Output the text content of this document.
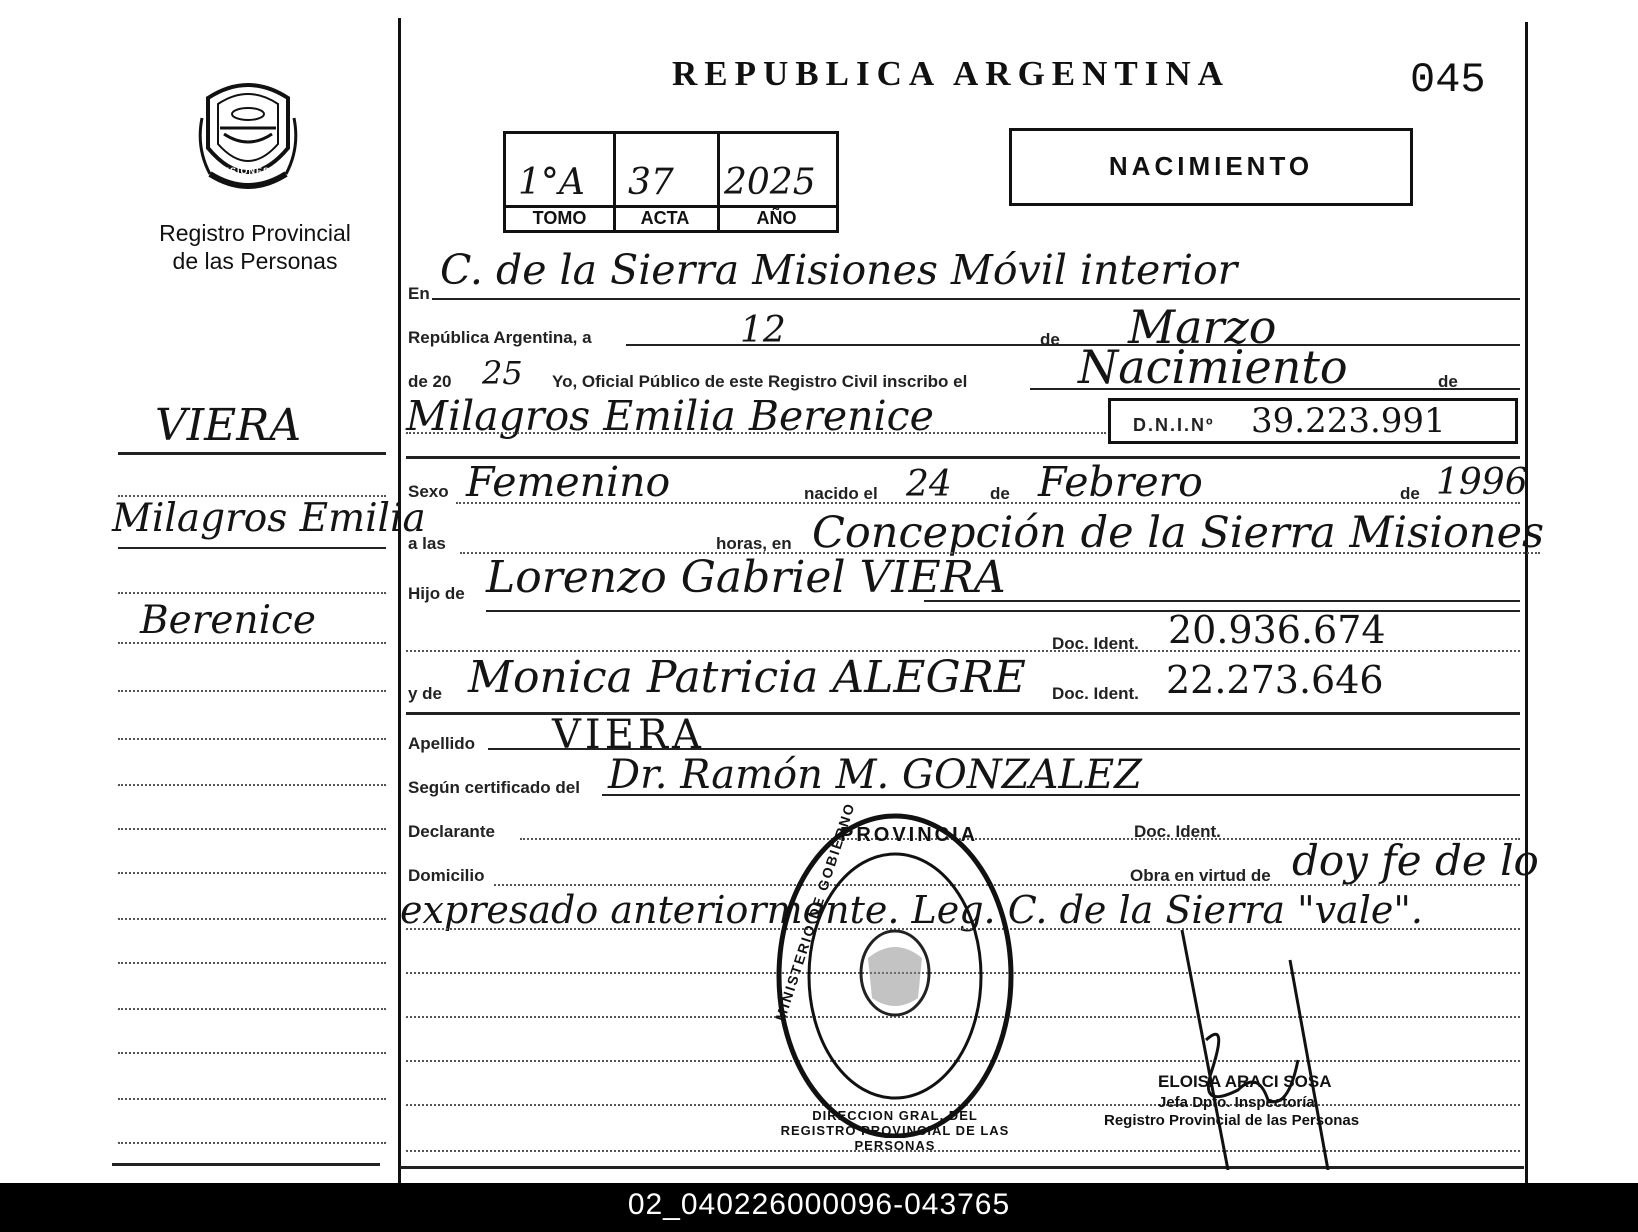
MISIONES
Registro Provincial
de las Personas
VIERA
Milagros Emilia
Berenice
REPUBLICA ARGENTINA	045
1°A 37 2025
TOMO	ACTA	AÑO
NACIMIENTO
En C. de la Sierra Misiones Móvil interior
República Argentina, a	12	de Marzo
de 20 25 Yo, Oficial Público de este Registro Civil inscribo el Nacimiento	de
Milagros Emilia Berenice	D.N.I.Nº 39.223.991
Sexo Femenino	nacido el 24 de Febrero	de 1996
a las	horas, en Concepción de la Sierra Misiones
Hijo de Lorenzo Gabriel VIERA
Doc. Ident. 20.936.674
y de Monica Patricia ALEGRE Doc. Ident. 22.273.646
Apellido VIERA
Según certificado del Dr. Ramón M. GONZALEZ
Declarante	Doc. Ident.
Domicilio	Obra en virtud de doy fe de lo
expresado anteriormente. Leg. C. de la Sierra "vale".
PROVINCIA
MINISTERIO DE GOBIERNO
DIRECCION GRAL. DEL REGISTRO PROVINCIAL DE LAS PERSONAS
ELOISA ARACI SOSA
Jefa Dpto. Inspectoría
Registro Provincial de las Personas
02_040226000096-043765
